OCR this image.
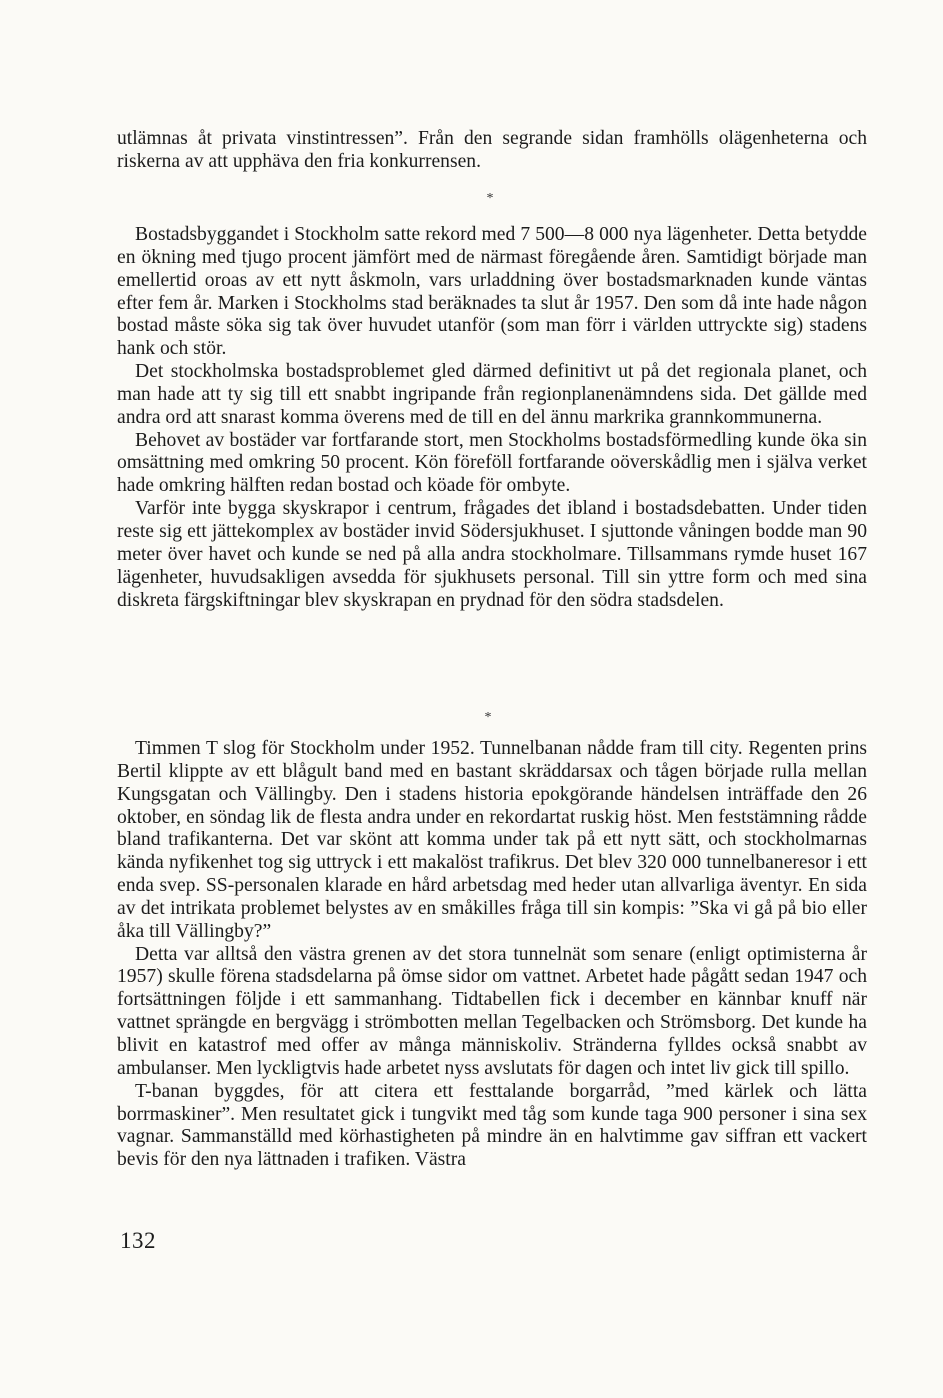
utlämnas åt privata vinstintressen”. Från den segrande sidan framhölls olägenheterna och riskerna av att upphäva den fria konkurrensen.

*

Bostadsbyggandet i Stockholm satte rekord med 7 500—8 000 nya lägenheter. Detta betydde en ökning med tjugo procent jämfört med de närmast föregående åren. Samtidigt började man emellertid oroas av ett nytt åskmoln, vars urladdning över bostadsmarknaden kunde väntas efter fem år. Marken i Stockholms stad beräknades ta slut år 1957. Den som då inte hade någon bostad måste söka sig tak över huvudet utanför (som man förr i världen uttryckte sig) stadens hank och stör.

Det stockholmska bostadsproblemet gled därmed definitivt ut på det regionala planet, och man hade att ty sig till ett snabbt ingripande från regionplanenämndens sida. Det gällde med andra ord att snarast komma överens med de till en del ännu markrika grannkommunerna.

Behovet av bostäder var fortfarande stort, men Stockholms bostadsförmedling kunde öka sin omsättning med omkring 50 procent. Kön föreföll fortfarande oöverskådlig men i själva verket hade omkring hälften redan bostad och köade för ombyte.

Varför inte bygga skyskrapor i centrum, frågades det ibland i bostadsdebatten. Under tiden reste sig ett jättekomplex av bostäder invid Södersjukhuset. I sjuttonde våningen bodde man 90 meter över havet och kunde se ned på alla andra stockholmare. Tillsammans rymde huset 167 lägenheter, huvudsakligen avsedda för sjukhusets personal. Till sin yttre form och med sina diskreta färgskiftningar blev skyskrapan en prydnad för den södra stadsdelen.

*

Timmen T slog för Stockholm under 1952. Tunnelbanan nådde fram till city. Regenten prins Bertil klippte av ett blågult band med en bastant skräddarsax och tågen började rulla mellan Kungsgatan och Vällingby. Den i stadens historia epokgörande händelsen inträffade den 26 oktober, en söndag lik de flesta andra under en rekordartat ruskig höst. Men feststämning rådde bland trafikanterna. Det var skönt att komma under tak på ett nytt sätt, och stockholmarnas kända nyfikenhet tog sig uttryck i ett makalöst trafikrus. Det blev 320 000 tunnelbaneresor i ett enda svep. SS-personalen klarade en hård arbetsdag med heder utan allvarliga äventyr. En sida av det intrikata problemet belystes av en småkilles fråga till sin kompis: ”Ska vi gå på bio eller åka till Vällingby?”

Detta var alltså den västra grenen av det stora tunnelnät som senare (enligt optimisterna år 1957) skulle förena stadsdelarna på ömse sidor om vattnet. Arbetet hade pågått sedan 1947 och fortsättningen följde i ett sammanhang. Tidtabellen fick i december en kännbar knuff när vattnet sprängde en bergvägg i strömbotten mellan Tegelbacken och Strömsborg. Det kunde ha blivit en katastrof med offer av många människoliv. Stränderna fylldes också snabbt av ambulanser. Men lyckligtvis hade arbetet nyss avslutats för dagen och intet liv gick till spillo.

T-banan byggdes, för att citera ett festtalande borgarråd, ”med kärlek och lätta borrmaskiner”. Men resultatet gick i tungvikt med tåg som kunde taga 900 personer i sina sex vagnar. Sammanställd med körhastigheten på mindre än en halvtimme gav siffran ett vackert bevis för den nya lättnaden i trafiken. Västra

132
